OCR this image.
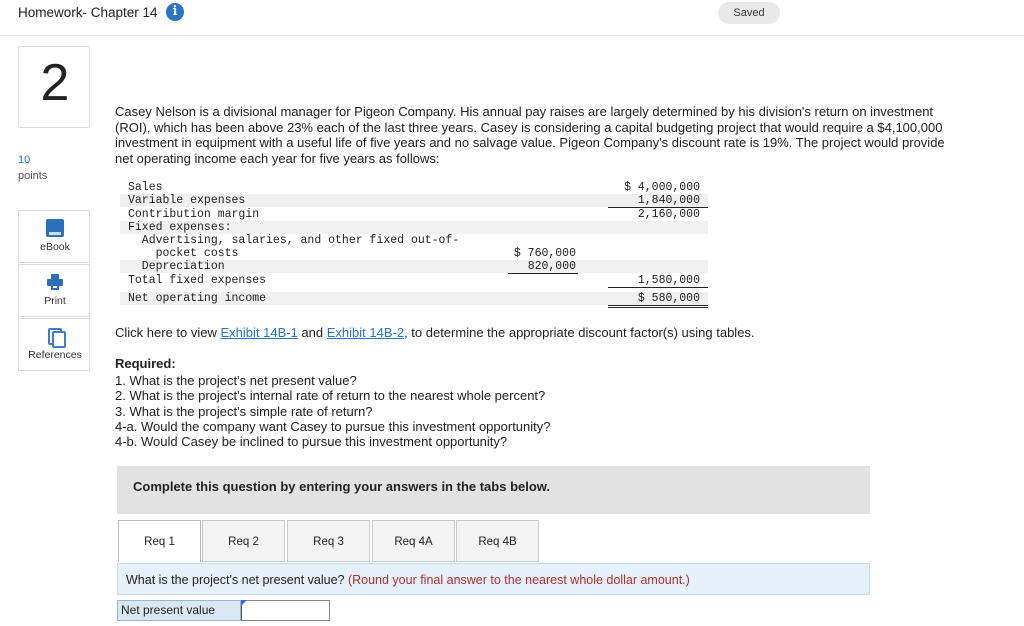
Homework- Chapter 14	i	Saved
2
10
points
eBook
Print
References
Casey Nelson is a divisional manager for Pigeon Company. His annual pay raises are largely determined by his division's return on investment (ROI), which has been above 23% each of the last three years. Casey is considering a capital budgeting project that would require a $4,100,000 investment in equipment with a useful life of five years and no salvage value. Pigeon Company's discount rate is 19%. The project would provide net operating income each year for five years as follows:
Sales	$ 4,000,000
Variable expenses	1,840,000
Contribution margin	2,160,000
Fixed expenses:
Advertising, salaries, and other fixed out-of-
pocket costs	$ 760,000
Depreciation	820,000
Total fixed expenses	1,580,000
Net operating income	$ 580,000
Click here to view Exhibit 14B-1 and Exhibit 14B-2, to determine the appropriate discount factor(s) using tables.
Required:
1. What is the project's net present value?
2. What is the project's internal rate of return to the nearest whole percent?
3. What is the project's simple rate of return?
4-a. Would the company want Casey to pursue this investment opportunity?
4-b. Would Casey be inclined to pursue this investment opportunity?
Complete this question by entering your answers in the tabs below.
Req 1	Req 2	Req 3	Req 4A	Req 4B
What is the project's net present value? (Round your final answer to the nearest whole dollar amount.)
Net present value
